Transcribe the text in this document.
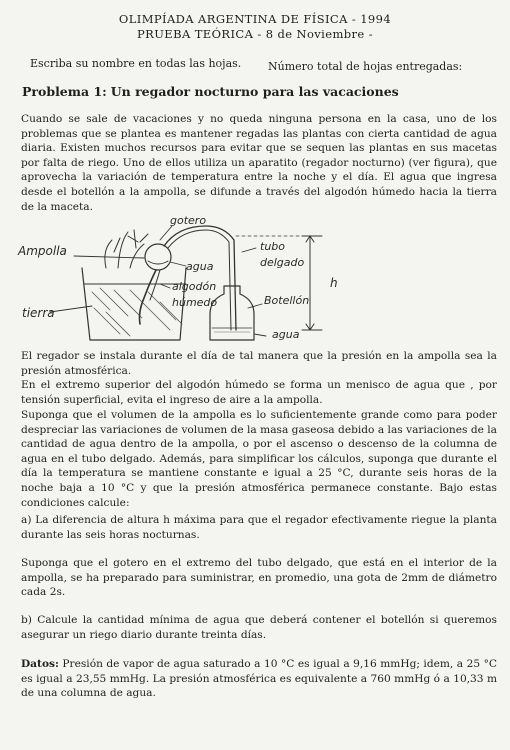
OLIMPÍADA ARGENTINA DE FÍSICA - 1994
PRUEBA TEÓRICA - 8 de Noviembre -
Escriba su nombre en todas las hojas. Número total de hojas entregadas:
Problema 1: Un regador nocturno para las vacaciones

Cuando se sale de vacaciones y no queda ninguna persona en la casa, uno de los problemas que se plantea es mantener regadas las plantas con cierta cantidad de agua diaria. Existen muchos recursos para evitar que se sequen las plantas en sus macetas por falta de riego. Uno de ellos utiliza un aparatito (regador nocturno) (ver figura), que aprovecha la variación de temperatura entre la noche y el día. El agua que ingresa desde el botellón a la ampolla, se difunde a través del algodón húmedo hacia la tierra de la maceta.

gotero
Ampolla
agua
tubo
delgado
h
algodón
húmedo	Botellón
tierra
agua

El regador se instala durante el día de tal manera que la presión en la ampolla sea la presión atmosférica.

En el extremo superior del algodón húmedo se forma un menisco de agua que , por tensión superficial, evita el ingreso de aire a la ampolla.

Suponga que el volumen de la ampolla es lo suficientemente grande como para poder despreciar las variaciones de volumen de la masa gaseosa debido a las variaciones de la cantidad de agua dentro de la ampolla, o por el ascenso o descenso de la columna de agua en el tubo delgado. Además, para simplificar los cálculos, suponga que durante el día la temperatura se mantiene constante e igual a 25 °C, durante seis horas de la noche baja a 10 °C y que la presión atmosférica permanece constante. Bajo estas condiciones calcule:

a) La diferencia de altura h máxima para que el regador efectivamente riegue la planta durante las seis horas nocturnas.

Suponga que el gotero en el extremo del tubo delgado, que está en el interior de la ampolla, se ha preparado para suministrar, en promedio, una gota de 2mm de diámetro cada 2s.

b) Calcule la cantidad mínima de agua que deberá contener el botellón si queremos asegurar un riego diario durante treinta días.

Datos: Presión de vapor de agua saturado a 10 °C es igual a 9,16 mmHg; idem, a 25 °C es igual a 23,55 mmHg. La presión atmosférica es equivalente a 760 mmHg ó a 10,33 m de una columna de agua.
